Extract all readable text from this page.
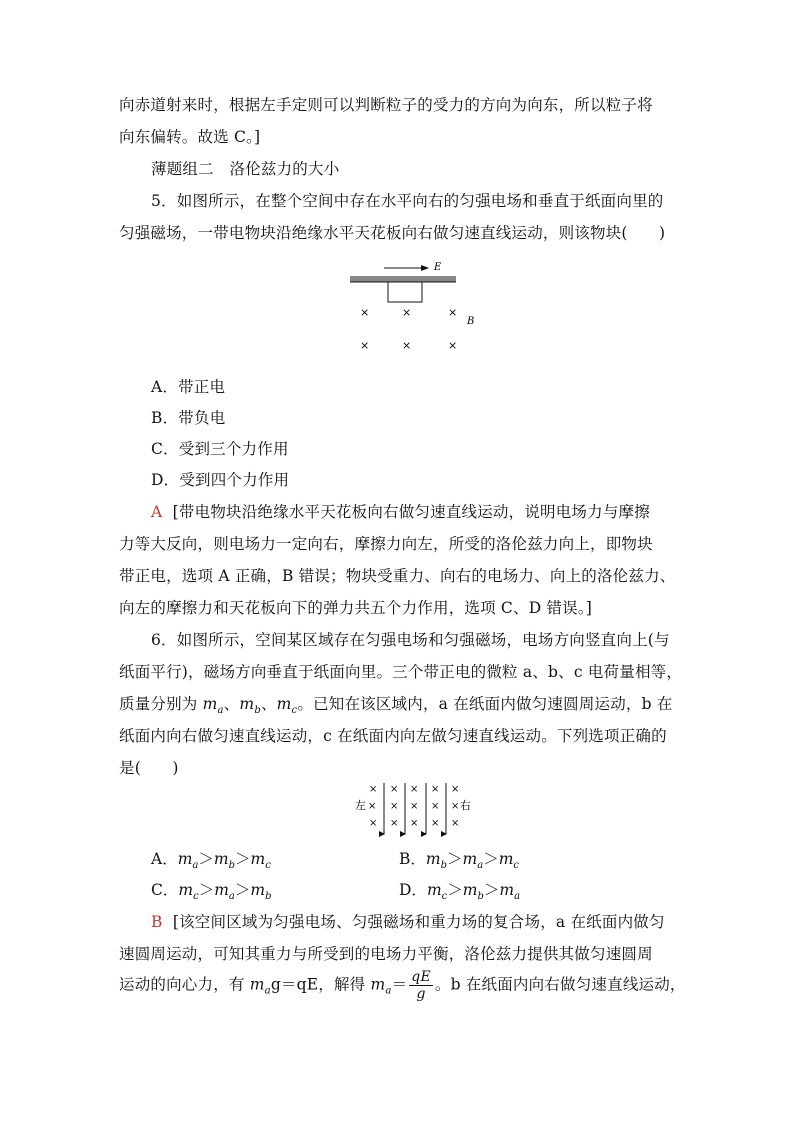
向赤道射来时，根据左手定则可以判断粒子的受力的方向为向东，所以粒子将
向东偏转。故选 C。]
薄题组二　洛伦兹力的大小
5．如图所示，在整个空间中存在水平向右的匀强电场和垂直于纸面向里的
匀强磁场，一带电物块沿绝缘水平天花板向右做匀速直线运动，则该物块(　　)
E
×	×	×
B
×	×	×
A．带正电
B．带负电
C．受到三个力作用
D．受到四个力作用
A [带电物块沿绝缘水平天花板向右做匀速直线运动，说明电场力与摩擦
力等大反向，则电场力一定向右，摩擦力向左，所受的洛伦兹力向上，即物块
带正电，选项 A 正确，B 错误；物块受重力、向右的电场力、向上的洛伦兹力、
向左的摩擦力和天花板向下的弹力共五个力作用，选项 C、D 错误。]
6．如图所示，空间某区域存在匀强电场和匀强磁场，电场方向竖直向上(与
纸面平行)，磁场方向垂直于纸面向里。三个带正电的微粒 a、b、c 电荷量相等，
质量分别为 $m_a$、$m_b$、$m_c$。已知在该区域内，a 在纸面内做匀速圆周运动，b 在
纸面内向右做匀速直线运动，c 在纸面内向左做匀速直线运动。下列选项正确的
是(　　)
× × × × ×
左 × × × × × 右
× × × × ×
A．$m_a>m_b>m_c$	B．$m_b>m_a>m_c$
C．$m_c>m_a>m_b$	D．$m_c>m_b>m_a$
B [该空间区域为匀强电场、匀强磁场和重力场的复合场，a 在纸面内做匀
速圆周运动，可知其重力与所受到的电场力平衡，洛伦兹力提供其做匀速圆周
运动的向心力，有 $m_ag=qE$，解得 $m_a= \frac{qE}{g}$ 。b 在纸面内向右做匀速直线运动，
